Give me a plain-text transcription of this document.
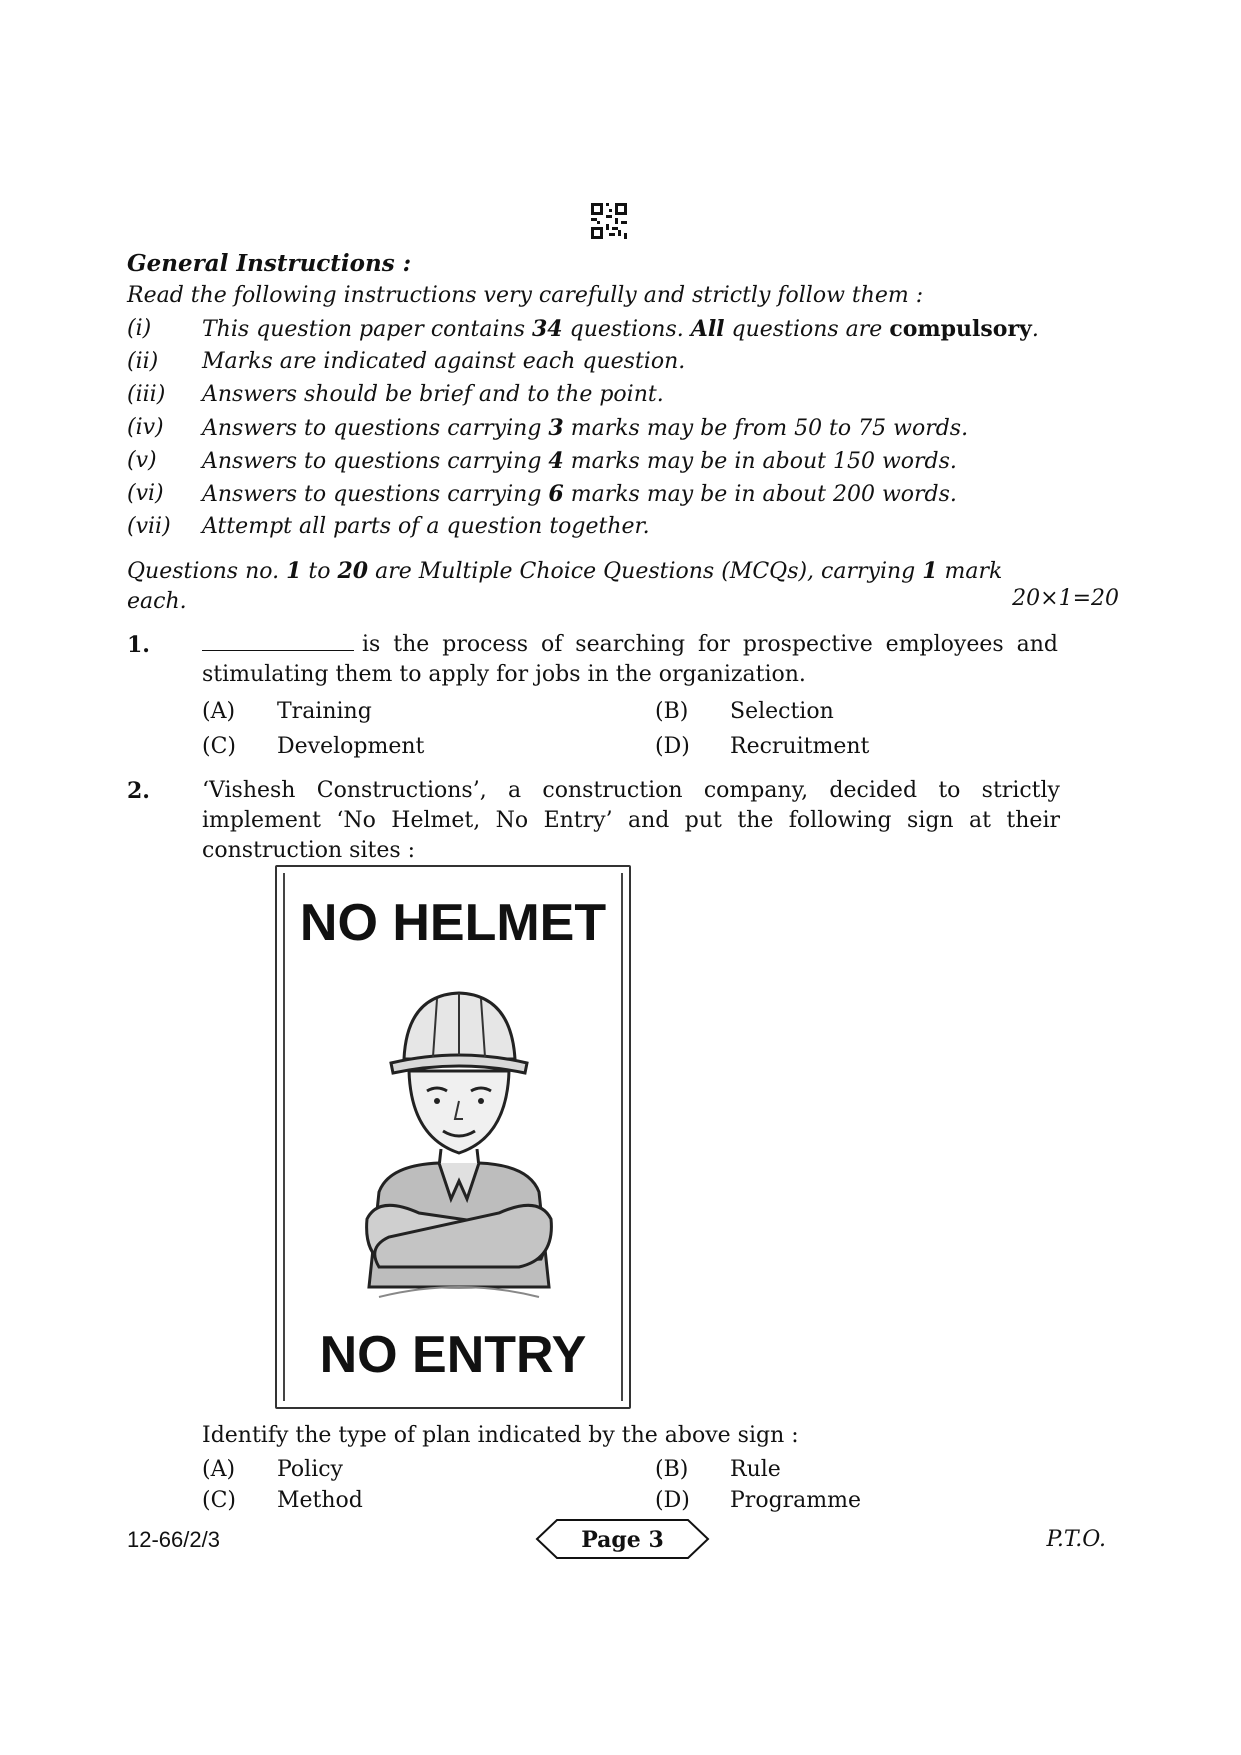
General Instructions :
Read the following instructions very carefully and strictly follow them :
(i) This question paper contains 34 questions. All questions are compulsory.
(ii) Marks are indicated against each question.
(iii) Answers should be brief and to the point.
(iv) Answers to questions carrying 3 marks may be from 50 to 75 words.
(v) Answers to questions carrying 4 marks may be in about 150 words.
(vi) Answers to questions carrying 6 marks may be in about 200 words.
(vii) Attempt all parts of a question together.
Questions no. 1 to 20 are Multiple Choice Questions (MCQs), carrying 1 mark each.	20×1=20
1.	is the process of searching for prospective employees and stimulating them to apply for jobs in the organization.
(A) Training	(B) Selection
(C) Development	(D) Recruitment
2. ‘Vishesh Constructions’, a construction company, decided to strictly implement ‘No Helmet, No Entry’ and put the following sign at their construction sites :
NO HELMET
NO ENTRY
Identify the type of plan indicated by the above sign :
(A) Policy	(B) Rule
(C) Method	(D) Programme
12-66/2/3	Page 3	P.T.O.
